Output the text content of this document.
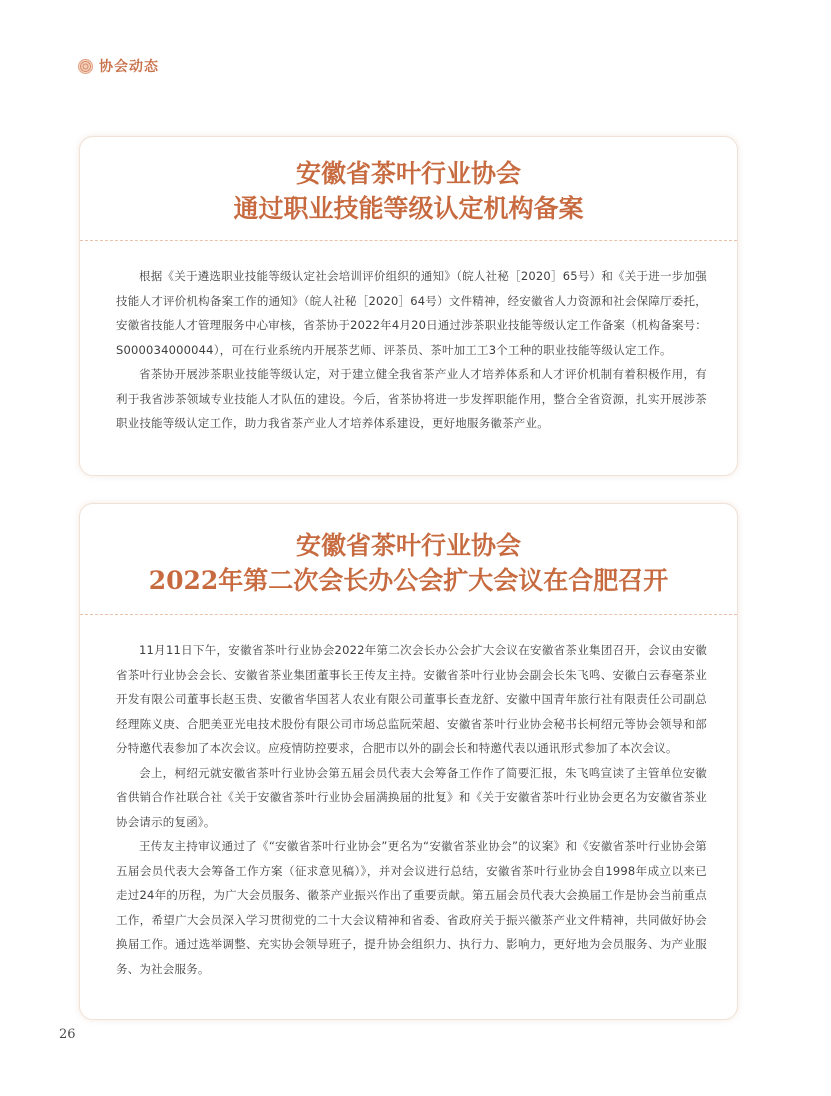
协会动态
安徽省茶叶行业协会
通过职业技能等级认定机构备案

根据《关于遴选职业技能等级认定社会培训评价组织的通知》（皖人社秘［2020］65号）和《关于进一步加强技能人才评价机构备案工作的通知》（皖人社秘［2020］64号）文件精神，经安徽省人力资源和社会保障厅委托，安徽省技能人才管理服务中心审核，省茶协于2022年4月20日通过涉茶职业技能等级认定工作备案（机构备案号：S000034000044），可在行业系统内开展茶艺师、评茶员、茶叶加工工3个工种的职业技能等级认定工作。

省茶协开展涉茶职业技能等级认定，对于建立健全我省茶产业人才培养体系和人才评价机制有着积极作用，有利于我省涉茶领域专业技能人才队伍的建设。今后，省茶协将进一步发挥职能作用，整合全省资源，扎实开展涉茶职业技能等级认定工作，助力我省茶产业人才培养体系建设，更好地服务徽茶产业。

安徽省茶叶行业协会
2022年第二次会长办公会扩大会议在合肥召开

11月11日下午，安徽省茶叶行业协会2022年第二次会长办公会扩大会议在安徽省茶业集团召开，会议由安徽省茶叶行业协会会长、安徽省茶业集团董事长王传友主持。安徽省茶叶行业协会副会长朱飞鸣、安徽白云春毫茶业开发有限公司董事长赵玉贵、安徽省华国茗人农业有限公司董事长查龙舒、安徽中国青年旅行社有限责任公司副总经理陈义庚、合肥美亚光电技术股份有限公司市场总监阮荣超、安徽省茶叶行业协会秘书长柯绍元等协会领导和部分特邀代表参加了本次会议。应疫情防控要求，合肥市以外的副会长和特邀代表以通讯形式参加了本次会议。

会上，柯绍元就安徽省茶叶行业协会第五届会员代表大会筹备工作作了简要汇报，朱飞鸣宣读了主管单位安徽省供销合作社联合社《关于安徽省茶叶行业协会届满换届的批复》和《关于安徽省茶叶行业协会更名为安徽省茶业协会请示的复函》。

王传友主持审议通过了《“安徽省茶叶行业协会”更名为“安徽省茶业协会”的议案》和《安徽省茶叶行业协会第五届会员代表大会筹备工作方案（征求意见稿）》，并对会议进行总结，安徽省茶叶行业协会自1998年成立以来已走过24年的历程，为广大会员服务、徽茶产业振兴作出了重要贡献。第五届会员代表大会换届工作是协会当前重点工作，希望广大会员深入学习贯彻党的二十大会议精神和省委、省政府关于振兴徽茶产业文件精神，共同做好协会换届工作。通过选举调整、充实协会领导班子，提升协会组织力、执行力、影响力，更好地为会员服务、为产业服务、为社会服务。

26
